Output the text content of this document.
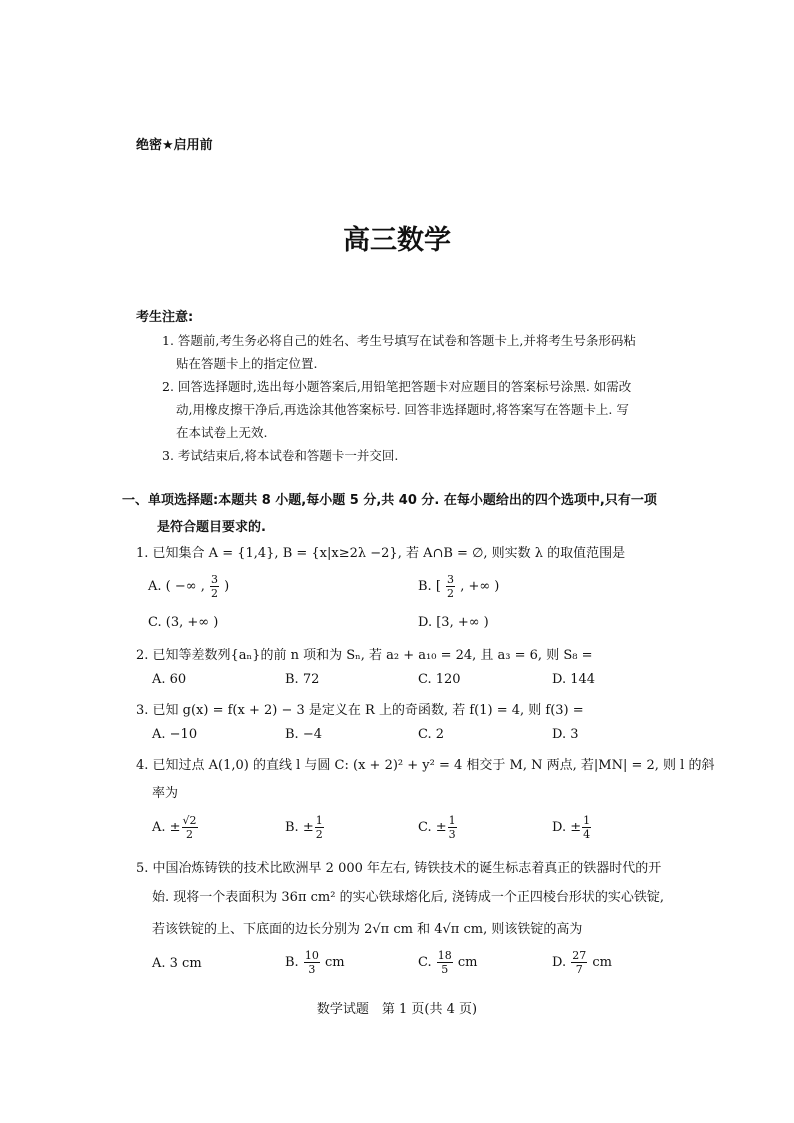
绝密★启用前
高三数学
考生注意:
1. 答题前,考生务必将自己的姓名、考生号填写在试卷和答题卡上,并将考生号条形码粘
贴在答题卡上的指定位置.
2. 回答选择题时,选出每小题答案后,用铅笔把答题卡对应题目的答案标号涂黑. 如需改
动,用橡皮擦干净后,再选涂其他答案标号. 回答非选择题时,将答案写在答题卡上. 写
在本试卷上无效.
3. 考试结束后,将本试卷和答题卡一并交回.
一、单项选择题:本题共 8 小题,每小题 5 分,共 40 分. 在每小题给出的四个选项中,只有一项
是符合题目要求的.
1. 已知集合 A = {1,4}, B = {x|x≥2λ −2}, 若 A∩B = ∅, 则实数 λ 的取值范围是
A. ( −∞ , $\frac{3}{2}$ )	B. [ $\frac{3}{2}$ , +∞ )
C. (3, +∞ )	D. [3, +∞ )
2. 已知等差数列{aₙ}的前 n 项和为 Sₙ, 若 a₂ + a₁₀ = 24, 且 a₃ = 6, 则 S₈ =
A. 60	B. 72	C. 120	D. 144
3. 已知 g(x) = f(x + 2) − 3 是定义在 R 上的奇函数, 若 f(1) = 4, 则 f(3) =
A. −10	B. −4	C. 2	D. 3
4. 已知过点 A(1,0) 的直线 l 与圆 C: (x + 2)² + y² = 4 相交于 M, N 两点, 若|MN| = 2, 则 l 的斜
率为
A. ± $\frac{√2}{2}$	B. ± $\frac{1}{2}$	C. ± $\frac{1}{3}$	D. ± $\frac{1}{4}$
5. 中国冶炼铸铁的技术比欧洲早 2 000 年左右, 铸铁技术的诞生标志着真正的铁器时代的开
始. 现将一个表面积为 36π cm² 的实心铁球熔化后, 浇铸成一个正四棱台形状的实心铁锭,
若该铁锭的上、下底面的边长分别为 2√π cm 和 4√π cm, 则该铁锭的高为
A. 3 cm	B. $\frac{10}{3}$ cm	C. $\frac{18}{5}$ cm	D. $\frac{27}{7}$ cm
数学试题　第 1 页(共 4 页)
